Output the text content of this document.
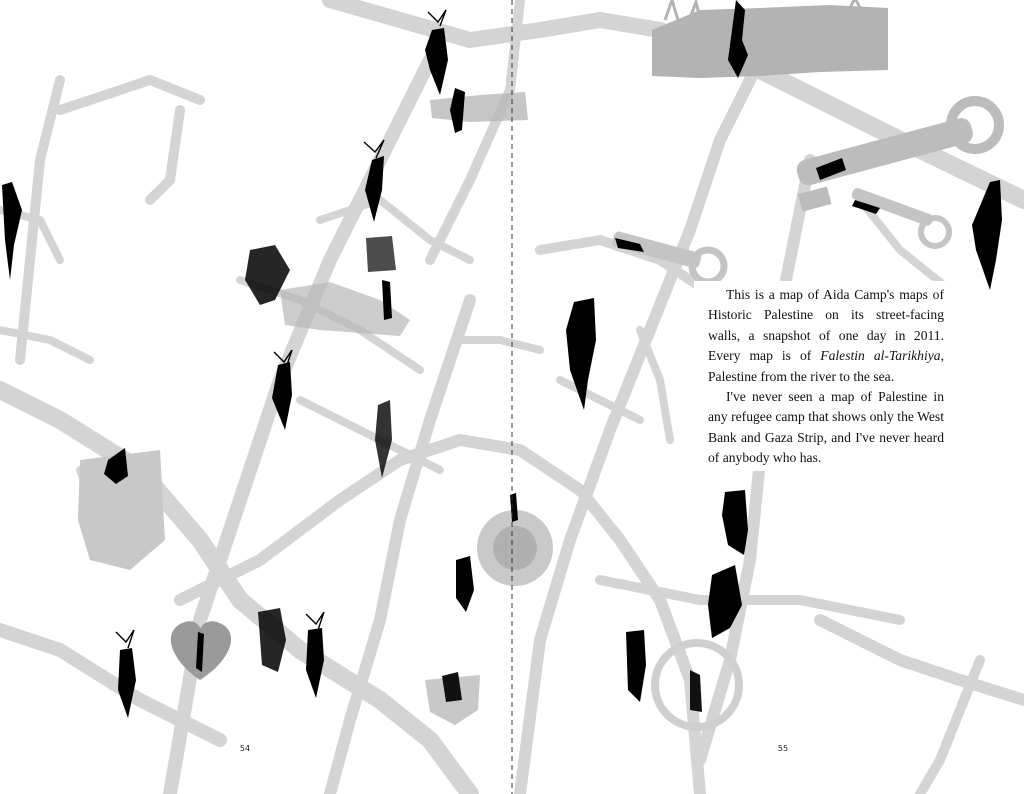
This is a map of Aida Camp's maps of Historic Palestine on its street-facing walls, a snapshot of one day in 2011. Every map is of Falestin al-Tarikhiya, Palestine from the river to the sea.

I've never seen a map of Palestine in any refugee camp that shows only the West Bank and Gaza Strip, and I've never heard of anybody who has.

54	55
